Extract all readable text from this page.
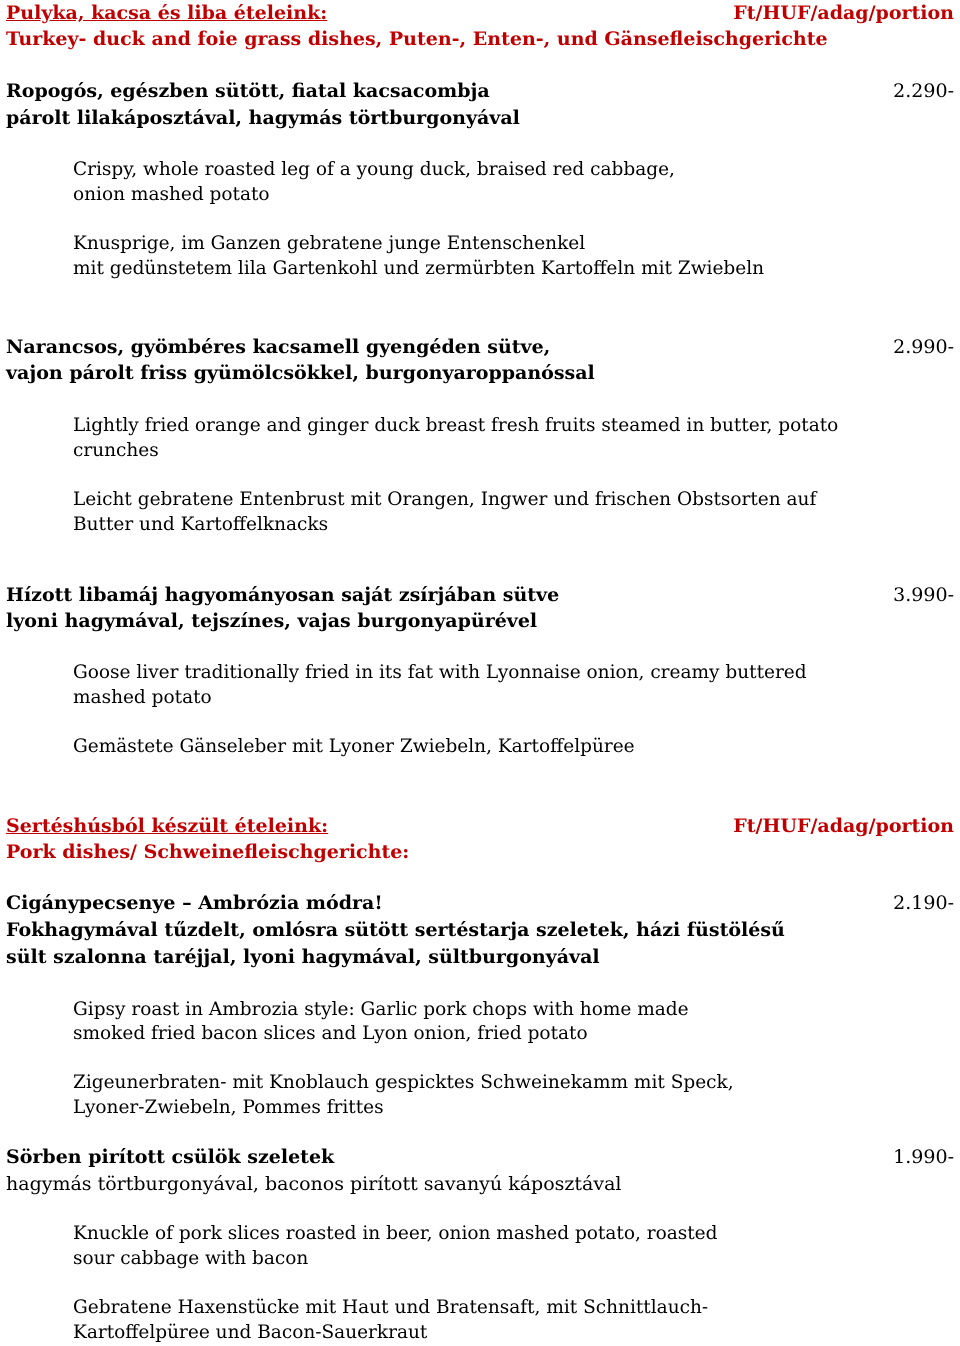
Pulyka, kacsa és liba ételeink:	Ft/HUF/adag/portion
Turkey- duck and foie grass dishes, Puten-, Enten-, und Gänsefleischgerichte
Ropogós, egészben sütött, fiatal kacsacombja	2.290-
párolt lilakáposztával, hagymás törtburgonyával
Crispy, whole roasted leg of a young duck, braised red cabbage,
onion mashed potato
Knusprige, im Ganzen gebratene junge Entenschenkel
mit gedünstetem lila Gartenkohl und zermürbten Kartoffeln mit Zwiebeln
Narancsos, gyömbéres kacsamell gyengéden sütve,	2.990-
vajon párolt friss gyümölcsökkel, burgonyaroppanóssal
Lightly fried orange and ginger duck breast fresh fruits steamed in butter, potato
crunches
Leicht gebratene Entenbrust mit Orangen, Ingwer und frischen Obstsorten auf
Butter und Kartoffelknacks
Hízott libamáj hagyományosan saját zsírjában sütve	3.990-
lyoni hagymával, tejszínes, vajas burgonyapürével
Goose liver traditionally fried in its fat with Lyonnaise onion, creamy buttered
mashed potato
Gemästete Gänseleber mit Lyoner Zwiebeln, Kartoffelpüree
Sertéshúsból készült ételeink:	Ft/HUF/adag/portion
Pork dishes/ Schweinefleischgerichte:
Cigánypecsenye – Ambrózia módra!	2.190-
Fokhagymával tűzdelt, omlósra sütött sertéstarja szeletek, házi füstölésű
sült szalonna taréjjal, lyoni hagymával, sültburgonyával
Gipsy roast in Ambrozia style: Garlic pork chops with home made
smoked fried bacon slices and Lyon onion, fried potato
Zigeunerbraten- mit Knoblauch gespicktes Schweinekamm mit Speck,
Lyoner-Zwiebeln, Pommes frittes
Sörben pirított csülök szeletek	1.990-
hagymás törtburgonyával, baconos pirított savanyú káposztával
Knuckle of pork slices roasted in beer, onion mashed potato, roasted
sour cabbage with bacon
Gebratene Haxenstücke mit Haut und Bratensaft, mit Schnittlauch-
Kartoffelpüree und Bacon-Sauerkraut
